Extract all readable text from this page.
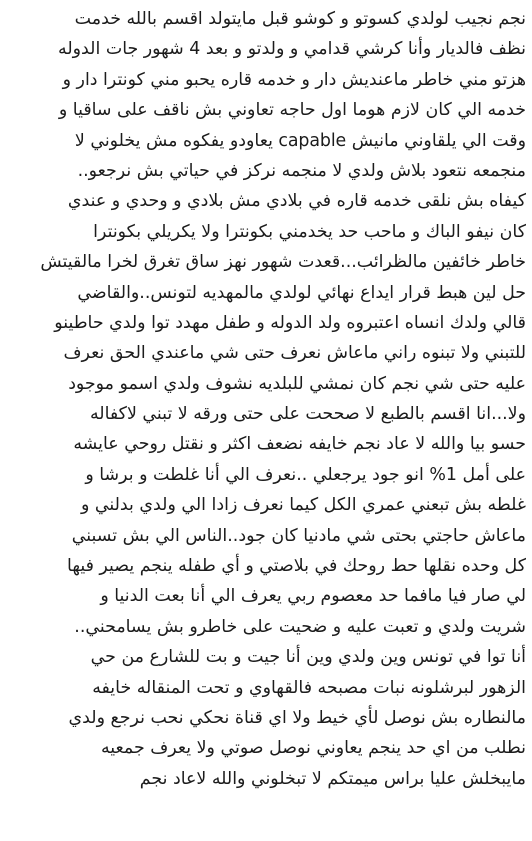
نجم نجيب لولدي كسوتو و كوشو قبل مايتولد اقسم بالله خدمت
نظف فالديار وأنا كرشي قدامي و ولدتو و بعد 4 شهور جات الدوله
هزتو مني خاطر ماعنديش دار و خدمه قاره يحبو مني كونترا دار و
خدمه الي كان لازم هوما اول حاجه تعاوني بش ناقف على ساقيا و
وقت الي يلقاوني مانيش capable يعاودو يفكوه مش يخلوني لا
منجمعه نتعود بلاش ولدي لا منجمه نركز في حياتي بش نرجعو..
كيفاه بش نلقى خدمه قاره في بلادي مش بلادي و وحدي و عندي
كان نيفو الباك و ماحب حد يخدمني بكونترا ولا يكريلي بكونترا
خاطر خائفين مالظرائب...قعدت شهور نهز ساق تغرق لخرا مالقيتش
حل لين هبط قرار ايداع نهائي لولدي مالمهديه لتونس..والقاضي
قالي ولدك انساه اعتبروه ولد الدوله و طفل مهدد توا ولدي حاطينو
للتبني ولا تبنوه راني ماعاش نعرف حتى شي ماعندي الحق نعرف
عليه حتى شي نجم كان نمشي للبلديه نشوف ولدي اسمو موجود
ولا...انا اقسم بالطبع لا صححت على حتى ورقه لا تبني لاكفاله
حسو بيا والله لا عاد نجم خايفه نضعف اكثر و نقتل روحي عايشه
على أمل 1% انو جود يرجعلي ..نعرف الي أنا غلطت و برشا و
غلطه بش تبعني عمري الكل كيما نعرف زادا الي ولدي بدلني و
ماعاش حاجتي بحتى شي مادنيا كان جود..الناس الي بش تسبني
كل وحده نقلها حط روحك في بلاصتي و أي طفله ينجم يصير فيها
لي صار فيا مافما حد معصوم ربي يعرف الي أنا بعت الدنيا و
شريت ولدي و تعبت عليه و ضحيت على خاطرو بش يسامحني..
أنا توا في تونس وين ولدي وين أنا جيت و بت للشارع من حي
الزهور لبرشلونه نبات مصبحه فالقهاوي و تحت المنقاله خايفه
مالنطاره بش نوصل لأي خيط ولا اي قناة نحكي نحب نرجع ولدي
نطلب من اي حد ينجم يعاوني نوصل صوتي ولا يعرف جمعيه
مايبخلش عليا براس ميمتكم لا تبخلوني والله لاعاد نجم
